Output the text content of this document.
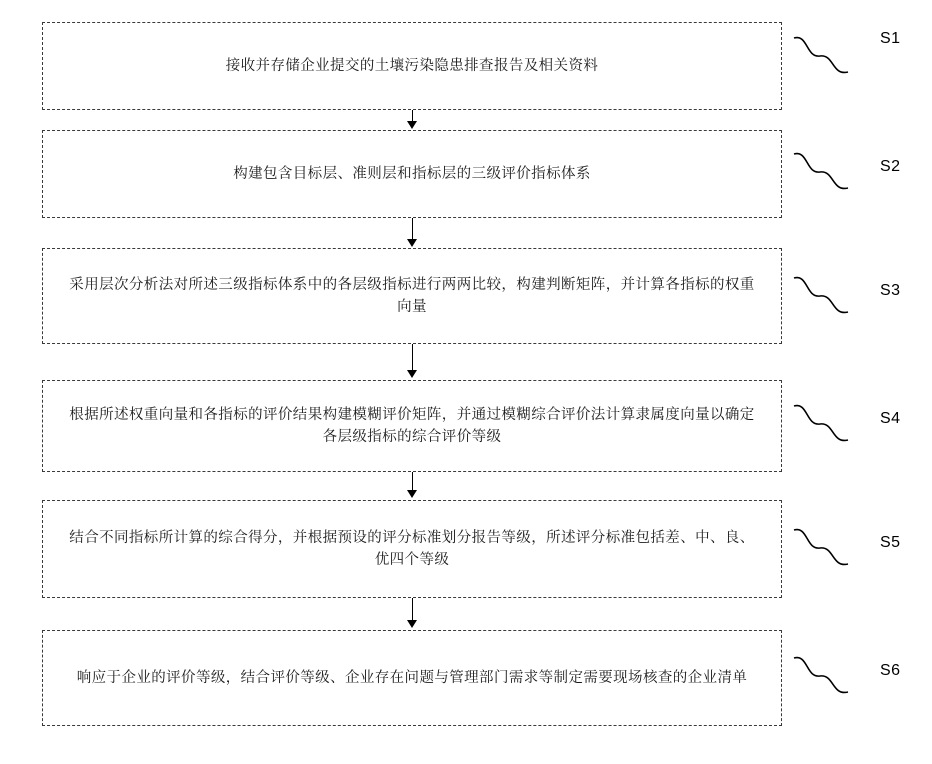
接收并存储企业提交的土壤污染隐患排查报告及相关资料
S1
构建包含目标层、准则层和指标层的三级评价指标体系	S2
采用层次分析法对所述三级指标体系中的各层级指标进行两两比较，构建判断矩阵，并计算各指标的权重向量
S3
根据所述权重向量和各指标的评价结果构建模糊评价矩阵，并通过模糊综合评价法计算隶属度向量以确定各层级指标的综合评价等级
S4
结合不同指标所计算的综合得分，并根据预设的评分标准划分报告等级，所述评分标准包括差、中、良、优四个等级
S5
响应于企业的评价等级，结合评价等级、企业存在问题与管理部门需求等制定需要现场核查的企业清单	S6
